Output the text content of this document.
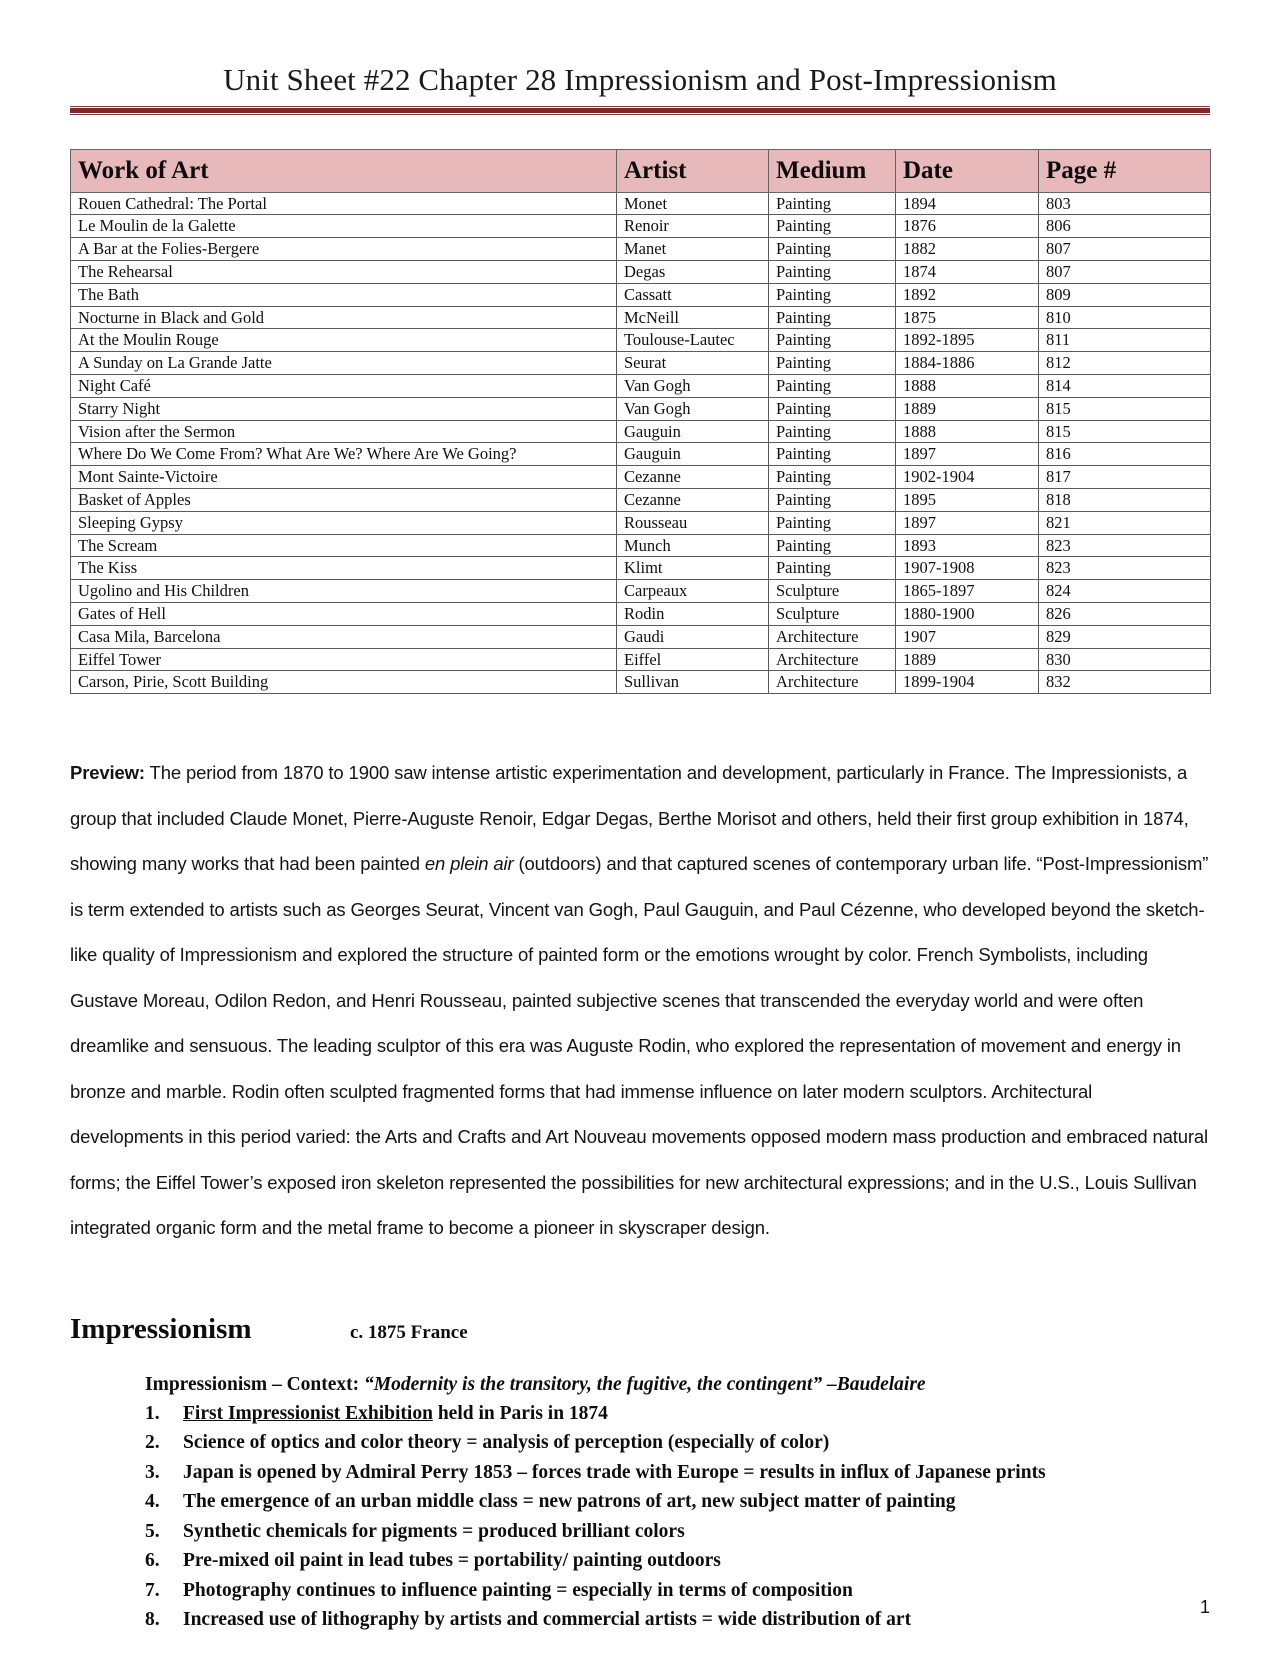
Unit Sheet #22 Chapter 28 Impressionism and Post-Impressionism
Work of Art	Artist	Medium	Date	Page #
Rouen Cathedral: The Portal	Monet	Painting	1894	803
Le Moulin de la Galette	Renoir	Painting	1876	806
A Bar at the Folies-Bergere	Manet	Painting	1882	807
The Rehearsal	Degas	Painting	1874	807
The Bath	Cassatt	Painting	1892	809
Nocturne in Black and Gold	McNeill	Painting	1875	810
At the Moulin Rouge	Toulouse-Lautec	Painting	1892-1895	811
A Sunday on La Grande Jatte	Seurat	Painting	1884-1886	812
Night Café	Van Gogh	Painting	1888	814
Starry Night	Van Gogh	Painting	1889	815
Vision after the Sermon	Gauguin	Painting	1888	815
Where Do We Come From? What Are We? Where Are We Going?	Gauguin	Painting	1897	816
Mont Sainte-Victoire	Cezanne	Painting	1902-1904	817
Basket of Apples	Cezanne	Painting	1895	818
Sleeping Gypsy	Rousseau	Painting	1897	821
The Scream	Munch	Painting	1893	823
The Kiss	Klimt	Painting	1907-1908	823
Ugolino and His Children	Carpeaux	Sculpture	1865-1897	824
Gates of Hell	Rodin	Sculpture	1880-1900	826
Casa Mila, Barcelona	Gaudi	Architecture	1907	829
Eiffel Tower	Eiffel	Architecture	1889	830
Carson, Pirie, Scott Building	Sullivan	Architecture	1899-1904	832

Preview: The period from 1870 to 1900 saw intense artistic experimentation and development, particularly in France. The Impressionists, a group that included Claude Monet, Pierre-Auguste Renoir, Edgar Degas, Berthe Morisot and others, held their first group exhibition in 1874, showing many works that had been painted en plein air (outdoors) and that captured scenes of contemporary urban life. “Post-Impressionism” is term extended to artists such as Georges Seurat, Vincent van Gogh, Paul Gauguin, and Paul Cézenne, who developed beyond the sketch-like quality of Impressionism and explored the structure of painted form or the emotions wrought by color. French Symbolists, including Gustave Moreau, Odilon Redon, and Henri Rousseau, painted subjective scenes that transcended the everyday world and were often dreamlike and sensuous. The leading sculptor of this era was Auguste Rodin, who explored the representation of movement and energy in bronze and marble. Rodin often sculpted fragmented forms that had immense influence on later modern sculptors. Architectural developments in this period varied: the Arts and Crafts and Art Nouveau movements opposed modern mass production and embraced natural forms; the Eiffel Tower’s exposed iron skeleton represented the possibilities for new architectural expressions; and in the U.S., Louis Sullivan integrated organic form and the metal frame to become a pioneer in skyscraper design.

Impressionism	c. 1875 France
Impressionism – Context: “Modernity is the transitory, the fugitive, the contingent” –Baudelaire
1.	First Impressionist Exhibition held in Paris in 1874
2.	Science of optics and color theory = analysis of perception (especially of color)
3.	Japan is opened by Admiral Perry 1853 – forces trade with Europe = results in influx of Japanese prints
4.	The emergence of an urban middle class = new patrons of art, new subject matter of painting
5.	Synthetic chemicals for pigments = produced brilliant colors
6.	Pre-mixed oil paint in lead tubes = portability/ painting outdoors
7.	Photography continues to influence painting = especially in terms of composition
8.	Increased use of lithography by artists and commercial artists = wide distribution of art
1
